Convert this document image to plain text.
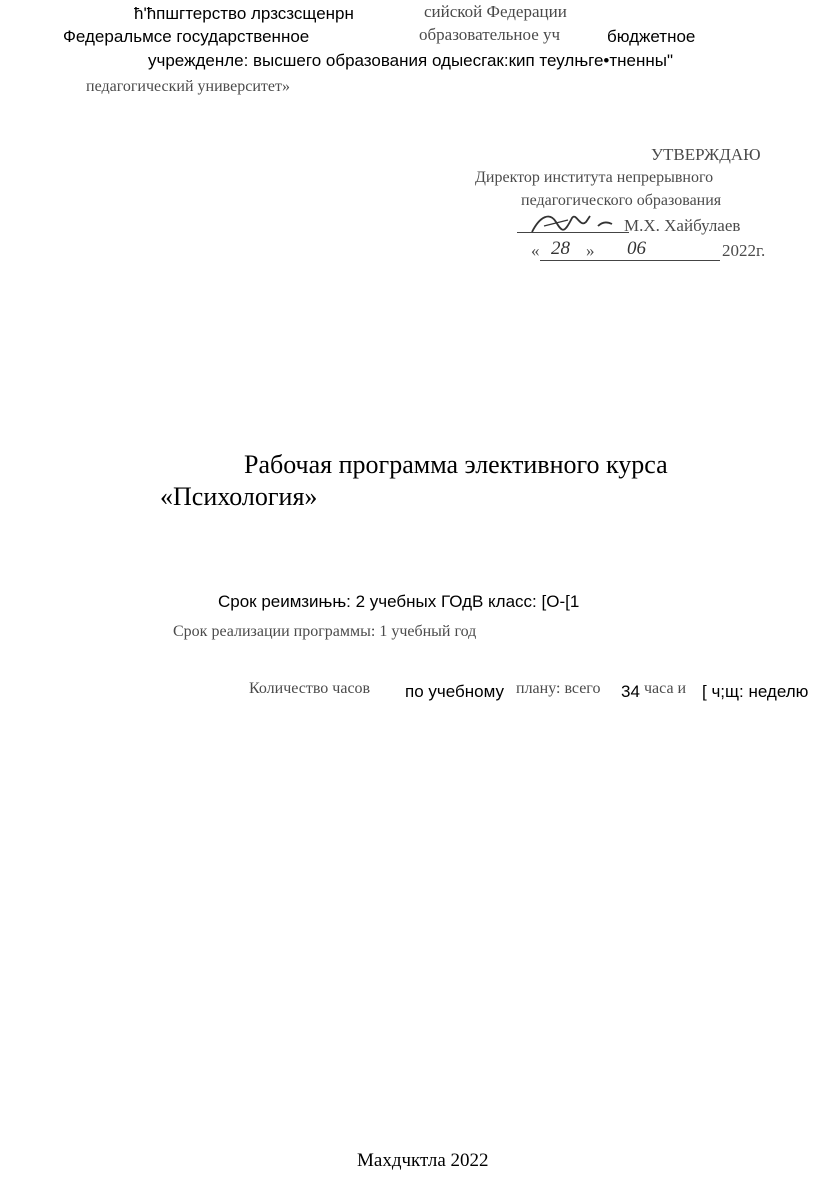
ћ'ћпшгтерство лрзсзсщенрн	сийской Федерации
Федеральмсе государственное	образовательное уч	бюджетное
учрежденле: высшего образования одыесгак:кип теулњге•тненны"
педагогический университет»
УТВЕРЖДАЮ
Директор института непрерывного
педагогического образования
М.Х. Хайбулаев
« 28 » 06	2022г.
Рабочая программа элективного курса
«Психология»
Срок реимзињњ: 2 учебных ГОдВ класс: [О-[1
Срок реализации программы: 1 учебный год
Количество часов по учебному плану: всего 34 часа и [ ч;щ: неделю
Махдчктла 2022
